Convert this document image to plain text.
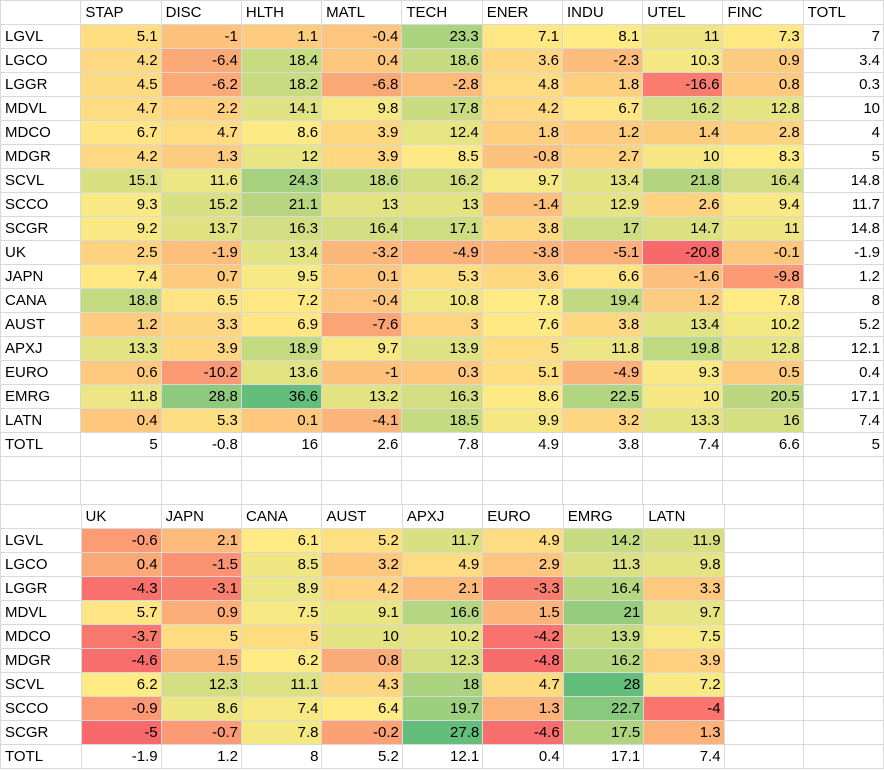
	STAP	DISC	HLTH	MATL	TECH	ENER	INDU	UTEL	FINC	TOTL
LGVL	5.1	-1	1.1	-0.4	23.3	7.1	8.1	11	7.3	7
LGCO	4.2	-6.4	18.4	0.4	18.6	3.6	-2.3	10.3	0.9	3.4
LGGR	4.5	-6.2	18.2	-6.8	-2.8	4.8	1.8	-16.6	0.8	0.3
MDVL	4.7	2.2	14.1	9.8	17.8	4.2	6.7	16.2	12.8	10
MDCO	6.7	4.7	8.6	3.9	12.4	1.8	1.2	1.4	2.8	4
MDGR	4.2	1.3	12	3.9	8.5	-0.8	2.7	10	8.3	5
SCVL	15.1	11.6	24.3	18.6	16.2	9.7	13.4	21.8	16.4	14.8
SCCO	9.3	15.2	21.1	13	13	-1.4	12.9	2.6	9.4	11.7
SCGR	9.2	13.7	16.3	16.4	17.1	3.8	17	14.7	11	14.8
UK	2.5	-1.9	13.4	-3.2	-4.9	-3.8	-5.1	-20.8	-0.1	-1.9
JAPN	7.4	0.7	9.5	0.1	5.3	3.6	6.6	-1.6	-9.8	1.2
CANA	18.8	6.5	7.2	-0.4	10.8	7.8	19.4	1.2	7.8	8
AUST	1.2	3.3	6.9	-7.6	3	7.6	3.8	13.4	10.2	5.2
APXJ	13.3	3.9	18.9	9.7	13.9	5	11.8	19.8	12.8	12.1
EURO	0.6	-10.2	13.6	-1	0.3	5.1	-4.9	9.3	0.5	0.4
EMRG	11.8	28.8	36.6	13.2	16.3	8.6	22.5	10	20.5	17.1
LATN	0.4	5.3	0.1	-4.1	18.5	9.9	3.2	13.3	16	7.4
TOTL	5	-0.8	16	2.6	7.8	4.9	3.8	7.4	6.6	5

	UK	JAPN	CANA	AUST	APXJ	EURO	EMRG	LATN		
LGVL	-0.6	2.1	6.1	5.2	11.7	4.9	14.2	11.9		
LGCO	0.4	-1.5	8.5	3.2	4.9	2.9	11.3	9.8		
LGGR	-4.3	-3.1	8.9	4.2	2.1	-3.3	16.4	3.3		
MDVL	5.7	0.9	7.5	9.1	16.6	1.5	21	9.7		
MDCO	-3.7	5	5	10	10.2	-4.2	13.9	7.5		
MDGR	-4.6	1.5	6.2	0.8	12.3	-4.8	16.2	3.9		
SCVL	6.2	12.3	11.1	4.3	18	4.7	28	7.2		
SCCO	-0.9	8.6	7.4	6.4	19.7	1.3	22.7	-4		
SCGR	-5	-0.7	7.8	-0.2	27.8	-4.6	17.5	1.3		
TOTL	-1.9	1.2	8	5.2	12.1	0.4	17.1	7.4		
